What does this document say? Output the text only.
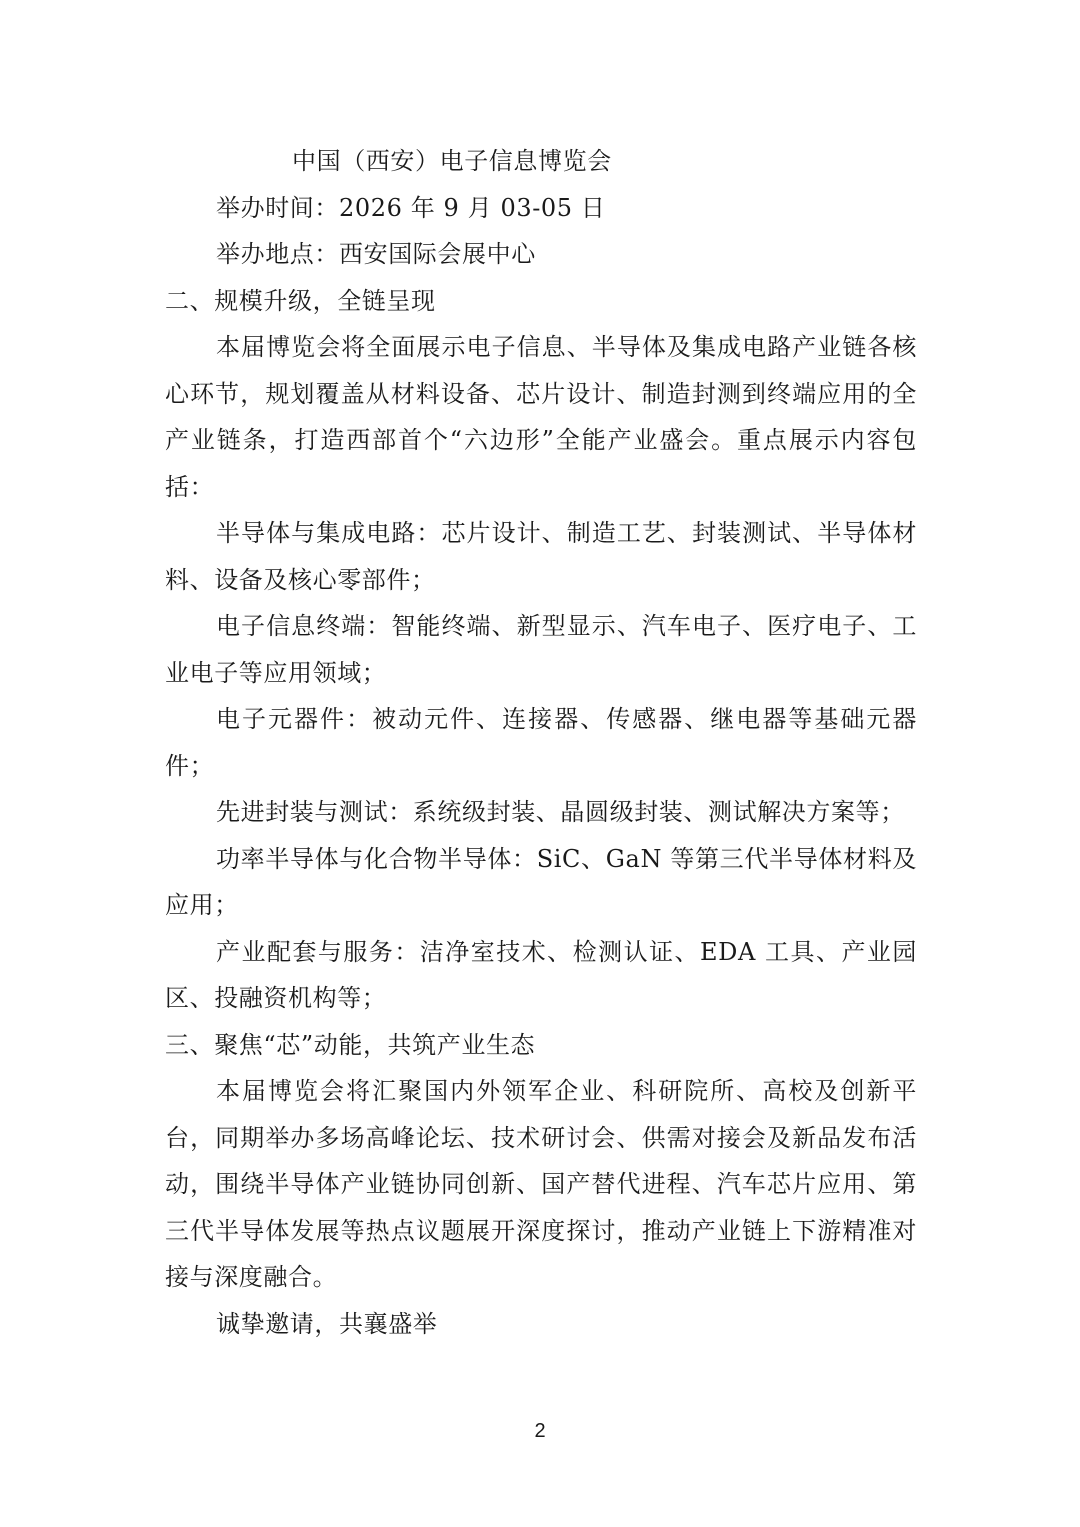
中国（西安）电子信息博览会
举办时间：2026 年 9 月 03-05 日
举办地点：西安国际会展中心
二、规模升级，全链呈现
本届博览会将全面展示电子信息、半导体及集成电路产业链各核心环节，规划覆盖从材料设备、芯片设计、制造封测到终端应用的全产业链条，打造西部首个“六边形”全能产业盛会。重点展示内容包括：
半导体与集成电路：芯片设计、制造工艺、封装测试、半导体材料、设备及核心零部件；
电子信息终端：智能终端、新型显示、汽车电子、医疗电子、工业电子等应用领域；
电子元器件：被动元件、连接器、传感器、继电器等基础元器件；
先进封装与测试：系统级封装、晶圆级封装、测试解决方案等；
功率半导体与化合物半导体：SiC、GaN 等第三代半导体材料及应用；
产业配套与服务：洁净室技术、检测认证、EDA 工具、产业园区、投融资机构等；
三、聚焦“芯”动能，共筑产业生态
本届博览会将汇聚国内外领军企业、科研院所、高校及创新平台，同期举办多场高峰论坛、技术研讨会、供需对接会及新品发布活动，围绕半导体产业链协同创新、国产替代进程、汽车芯片应用、第三代半导体发展等热点议题展开深度探讨，推动产业链上下游精准对接与深度融合。
诚挚邀请，共襄盛举
2
